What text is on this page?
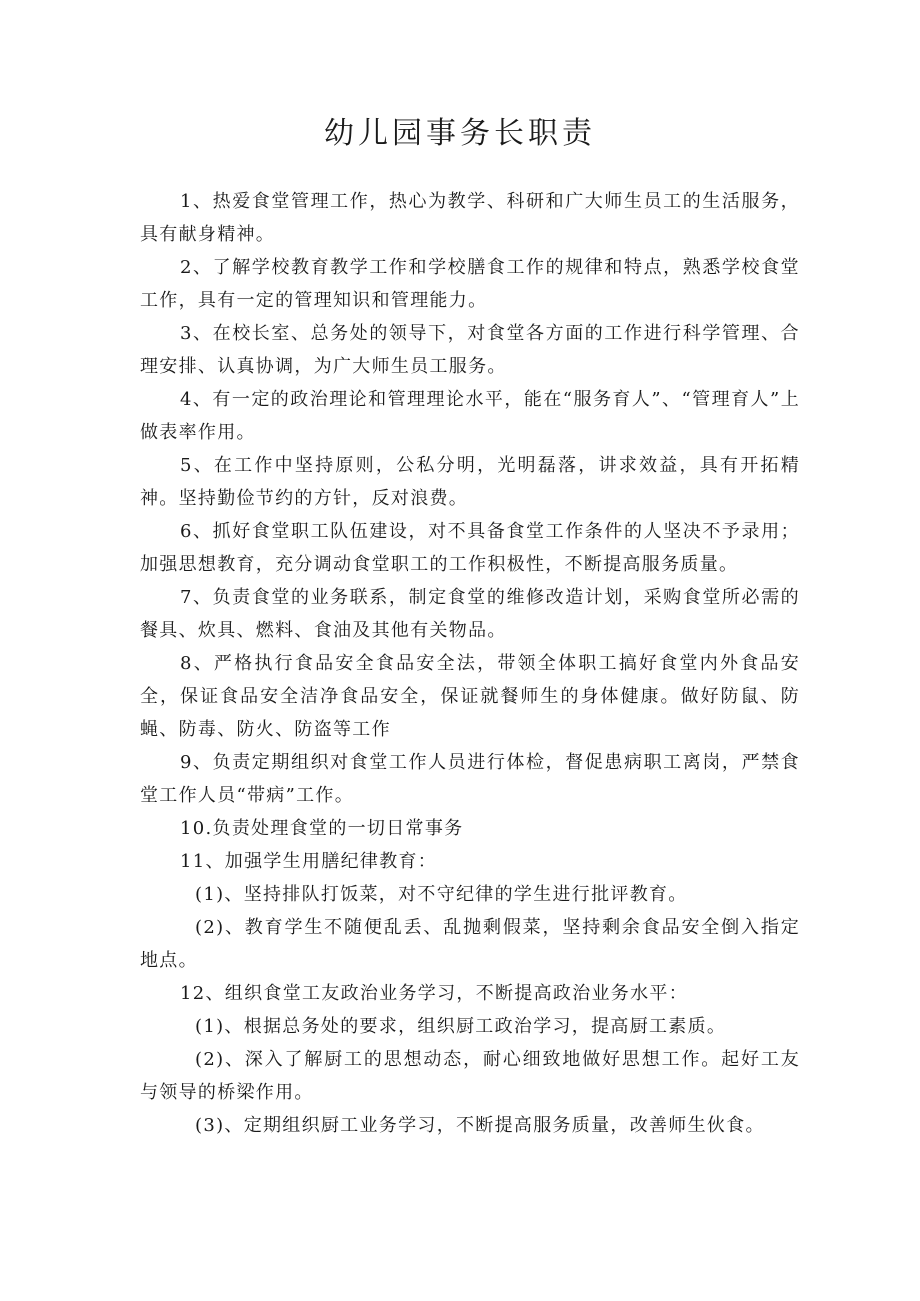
幼儿园事务长职责

1、热爱食堂管理工作，热心为教学、科研和广大师生员工的生活服务，具有献身精神。

2、了解学校教育教学工作和学校膳食工作的规律和特点，熟悉学校食堂工作，具有一定的管理知识和管理能力。

3、在校长室、总务处的领导下，对食堂各方面的工作进行科学管理、合理安排、认真协调，为广大师生员工服务。

4、有一定的政治理论和管理理论水平，能在“服务育人”、“管理育人”上做表率作用。

5、在工作中坚持原则，公私分明，光明磊落，讲求效益，具有开拓精神。坚持勤俭节约的方针，反对浪费。

6、抓好食堂职工队伍建设，对不具备食堂工作条件的人坚决不予录用；加强思想教育，充分调动食堂职工的工作积极性，不断提高服务质量。

7、负责食堂的业务联系，制定食堂的维修改造计划，采购食堂所必需的餐具、炊具、燃料、食油及其他有关物品。

8、严格执行食品安全食品安全法，带领全体职工搞好食堂内外食品安全，保证食品安全洁净食品安全，保证就餐师生的身体健康。做好防鼠、防蝇、防毒、防火、防盗等工作

9、负责定期组织对食堂工作人员进行体检，督促患病职工离岗，严禁食堂工作人员“带病”工作。

10.负责处理食堂的一切日常事务

11、加强学生用膳纪律教育：

(1)、坚持排队打饭菜，对不守纪律的学生进行批评教育。

(2)、教育学生不随便乱丢、乱抛剩假菜，坚持剩余食品安全倒入指定地点。

12、组织食堂工友政治业务学习，不断提高政治业务水平：

(1)、根据总务处的要求，组织厨工政治学习，提高厨工素质。

(2)、深入了解厨工的思想动态，耐心细致地做好思想工作。起好工友与领导的桥梁作用。

(3)、定期组织厨工业务学习，不断提高服务质量，改善师生伙食。
